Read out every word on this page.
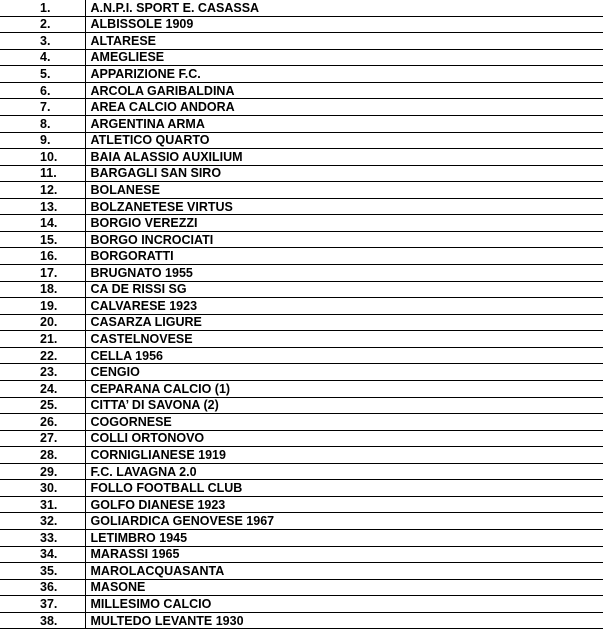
1.	A.N.P.I. SPORT E. CASASSA
2.	ALBISSOLE 1909
3.	ALTARESE
4.	AMEGLIESE
5.	APPARIZIONE F.C.
6.	ARCOLA GARIBALDINA
7.	AREA CALCIO ANDORA
8.	ARGENTINA ARMA
9.	ATLETICO QUARTO
10.	BAIA ALASSIO AUXILIUM
11.	BARGAGLI SAN SIRO
12.	BOLANESE
13.	BOLZANETESE VIRTUS
14.	BORGIO VEREZZI
15.	BORGO INCROCIATI
16.	BORGORATTI
17.	BRUGNATO 1955
18.	CA DE RISSI SG
19.	CALVARESE 1923
20.	CASARZA LIGURE
21.	CASTELNOVESE
22.	CELLA 1956
23.	CENGIO
24.	CEPARANA CALCIO (1)
25.	CITTA’ DI SAVONA (2)
26.	COGORNESE
27.	COLLI ORTONOVO
28.	CORNIGLIANESE 1919
29.	F.C. LAVAGNA 2.0
30.	FOLLO FOOTBALL CLUB
31.	GOLFO DIANESE 1923
32.	GOLIARDICA GENOVESE 1967
33.	LETIMBRO 1945
34.	MARASSI 1965
35.	MAROLACQUASANTA
36.	MASONE
37.	MILLESIMO CALCIO
38.	MULTEDO LEVANTE 1930
